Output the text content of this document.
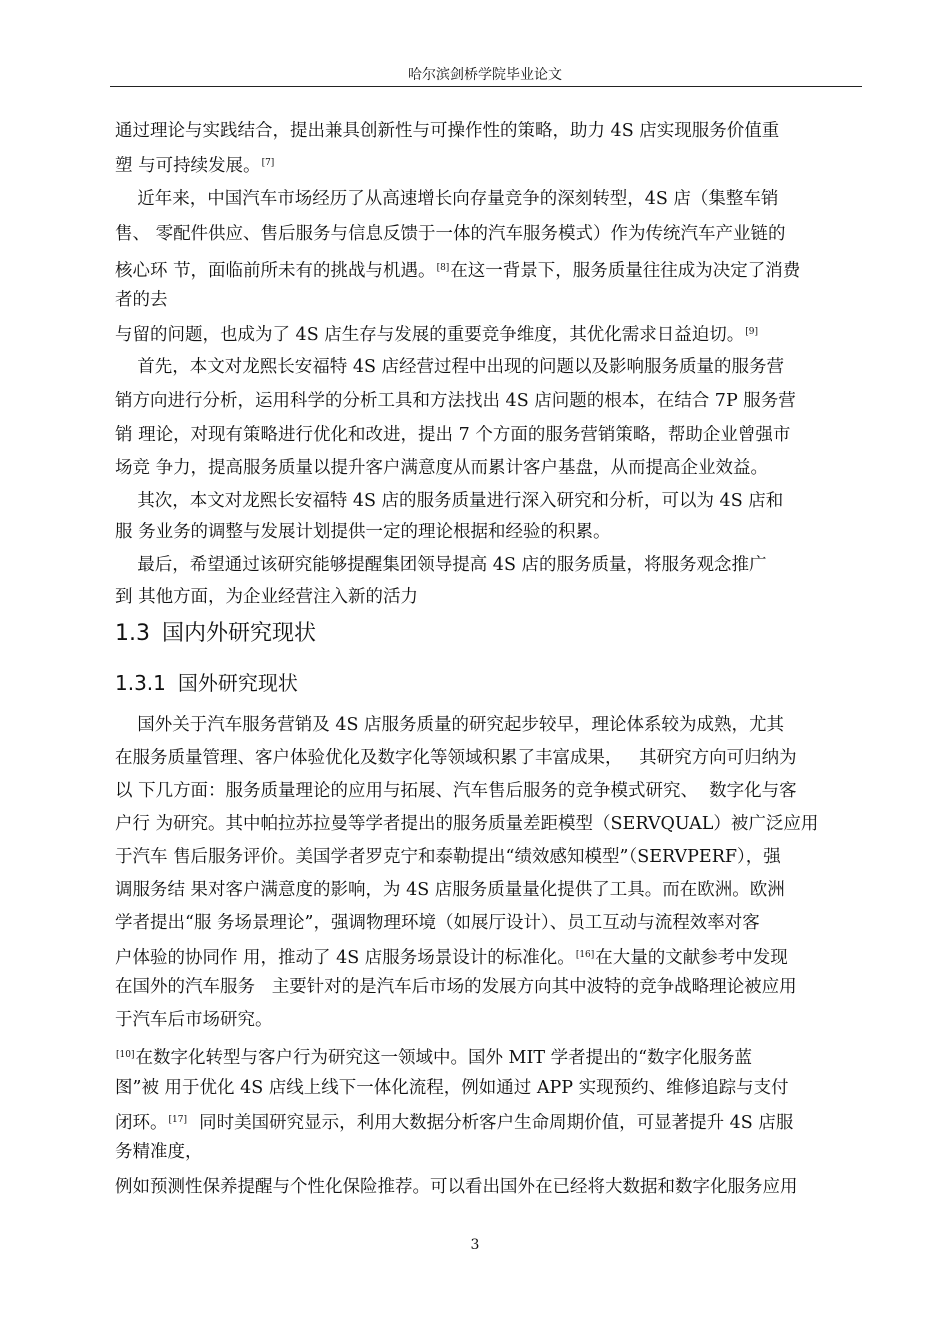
哈尔滨剑桥学院毕业论文
通过理论与实践结合，提出兼具创新性与可操作性的策略，助力 4S 店实现服务价值重
塑 与可持续发展。[7]
近年来，中国汽车市场经历了从高速增长向存量竞争的深刻转型，4S 店（集整车销
售、 零配件供应、售后服务与信息反馈于一体的汽车服务模式）作为传统汽车产业链的
核心环 节，面临前所未有的挑战与机遇。[8]在这一背景下，服务质量往往成为决定了消费
者的去
与留的问题，也成为了 4S 店生存与发展的重要竞争维度，其优化需求日益迫切。[9]
首先，本文对龙熙长安福特 4S 店经营过程中出现的问题以及影响服务质量的服务营
销方向进行分析，运用科学的分析工具和方法找出 4S 店问题的根本，在结合 7P 服务营
销 理论，对现有策略进行优化和改进，提出 7 个方面的服务营销策略，帮助企业曾强市
场竞 争力，提高服务质量以提升客户满意度从而累计客户基盘，从而提高企业效益。
其次，本文对龙熙长安福特 4S 店的服务质量进行深入研究和分析，可以为 4S 店和
服 务业务的调整与发展计划提供一定的理论根据和经验的积累。
最后，希望通过该研究能够提醒集团领导提高 4S 店的服务质量，将服务观念推广
到 其他方面，为企业经营注入新的活力
国外关于汽车服务营销及 4S 店服务质量的研究起步较早，理论体系较为成熟，尤其
在服务质量管理、客户体验优化及数字化等领域积累了丰富成果，   其研究方向可归纳为
以 下几方面：服务质量理论的应用与拓展、汽车售后服务的竞争模式研究、  数字化与客
户行 为研究。其中帕拉苏拉曼等学者提出的服务质量差距模型（SERVQUAL）被广泛应用
于汽车 售后服务评价。美国学者罗克宁和泰勒提出“绩效感知模型”（SERVPERF），强
调服务结 果对客户满意度的影响，为 4S 店服务质量量化提供了工具。而在欧洲。欧洲
学者提出“服 务场景理论”，强调物理环境（如展厅设计）、员工互动与流程效率对客
户体验的协同作 用，推动了 4S 店服务场景设计的标准化。[16]在大量的文献参考中发现
在国外的汽车服务   主要针对的是汽车后市场的发展方向其中波特的竞争战略理论被应用
于汽车后市场研究。
[10]在数字化转型与客户行为研究这一领域中。国外 MIT 学者提出的“数字化服务蓝
图”被 用于优化 4S 店线上线下一体化流程，例如通过 APP 实现预约、维修追踪与支付
闭环。[17]  同时美国研究显示，利用大数据分析客户生命周期价值，可显著提升 4S 店服
务精准度，
例如预测性保养提醒与个性化保险推荐。可以看出国外在已经将大数据和数字化服务应用
1.3 国内外研究现状
1.3.1 国外研究现状
3
